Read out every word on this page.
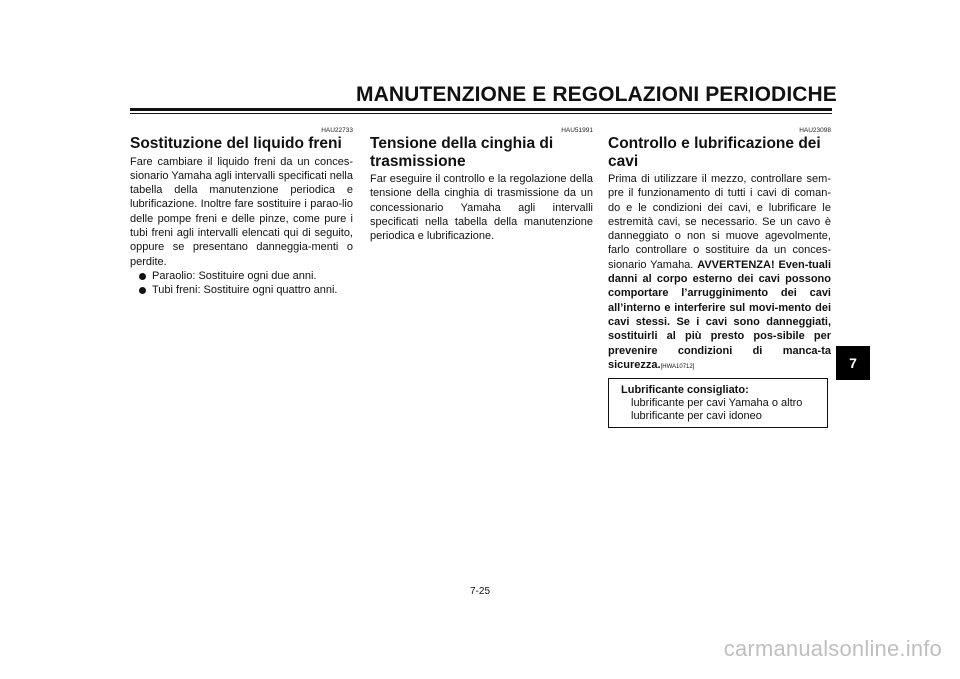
MANUTENZIONE E REGOLAZIONI PERIODICHE
HAU22733
Sostituzione del liquido freni

Fare cambiare il liquido freni da un conces-sionario Yamaha agli intervalli specificati nella tabella della manutenzione periodica e lubrificazione. Inoltre fare sostituire i parao-lio delle pompe freni e delle pinze, come pure i tubi freni agli intervalli elencati qui di seguito, oppure se presentano danneggia-menti o perdite.

Paraolio: Sostituire ogni due anni.
Tubi freni: Sostituire ogni quattro anni.
HAU51991
Tensione della cinghia di trasmissione

Far eseguire il controllo e la regolazione della tensione della cinghia di trasmissione da un concessionario Yamaha agli intervalli specificati nella tabella della manutenzione periodica e lubrificazione.

HAU23098
Controllo e lubrificazione dei cavi

Prima di utilizzare il mezzo, controllare sem-pre il funzionamento di tutti i cavi di coman-do e le condizioni dei cavi, e lubrificare le estremità cavi, se necessario. Se un cavo è danneggiato o non si muove agevolmente, farlo controllare o sostituire da un conces-sionario Yamaha. AVVERTENZA! Even-tuali danni al corpo esterno dei cavi possono comportare l’arrugginimento dei cavi all’interno e interferire sul movi-mento dei cavi stessi. Se i cavi sono danneggiati, sostituirli al più presto pos-sibile per prevenire condizioni di manca-ta sicurezza.[HWA10712]

Lubrificante consigliato:
lubrificante per cavi Yamaha o altro
lubrificante per cavi idoneo
7
7-25
carmanualsonline.info
